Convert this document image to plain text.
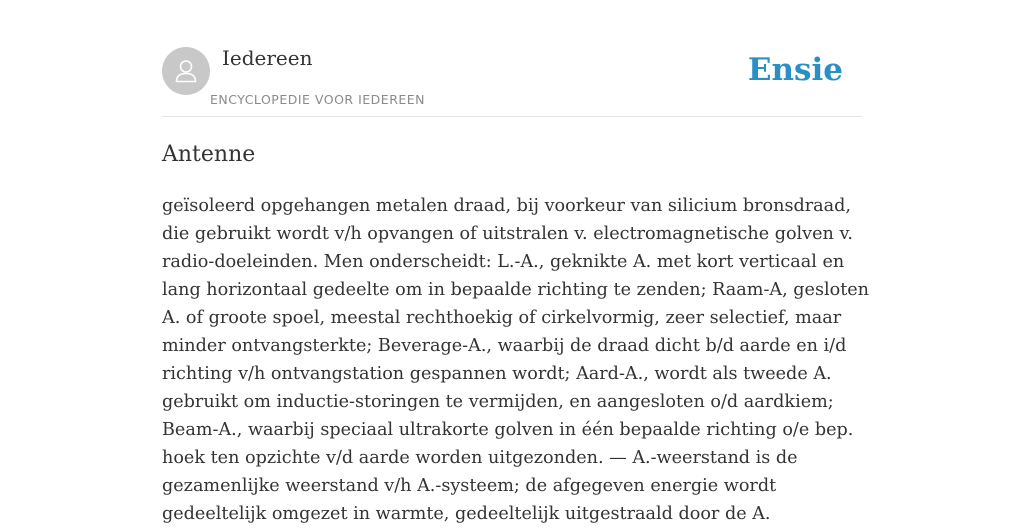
Iedereen
ENCYCLOPEDIE VOOR IEDEREEN
Ensie
Antenne

geïsoleerd opgehangen metalen draad, bij voorkeur van silicium bronsdraad, die gebruikt wordt v/h opvangen of uitstralen v. electromagnetische golven v. radio-doeleinden. Men onderscheidt: L.-A., geknikte A. met kort verticaal en lang horizontaal gedeelte om in bepaalde richting te zenden; Raam-A, gesloten A. of groote spoel, meestal rechthoekig of cirkelvormig, zeer selectief, maar minder ontvangsterkte; Beverage-A., waarbij de draad dicht b/d aarde en i/d richting v/h ontvangstation gespannen wordt; Aard-A., wordt als tweede A. gebruikt om inductie-storingen te vermijden, en aangesloten o/d aardkiem; Beam-A., waarbij speciaal ultrakorte golven in één bepaalde richting o/e bep. hoek ten opzichte v/d aarde worden uitgezonden. — A.-weerstand is de gezamenlijke weerstand v/h A.-systeem; de afgegeven energie wordt gedeeltelijk omgezet in warmte, gedeeltelijk uitgestraald door de A.
